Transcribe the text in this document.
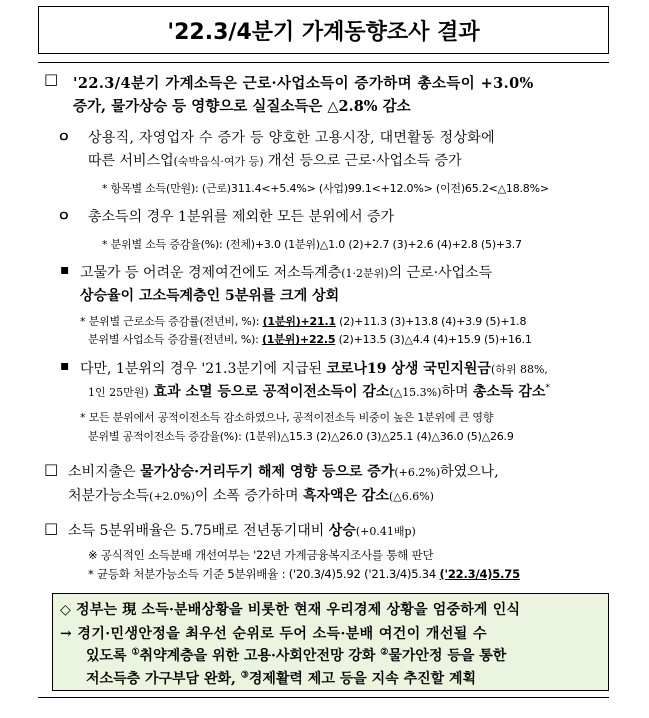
'22.3/4분기 가계동향조사 결과
□ '22.3/4분기 가계소득은 근로·사업소득이 증가하며 총소득이 +3.0%
증가, 물가상승 등 영향으로 실질소득은 △2.8% 감소
ㅇ 상용직, 자영업자 수 증가 등 양호한 고용시장, 대면활동 정상화에
따른 서비스업(숙박음식·여가 등) 개선 등으로 근로·사업소득 증가
* 항목별 소득(만원): (근로)311.4<+5.4%> (사업)99.1<+12.0%> (이전)65.2<△18.8%>
ㅇ 총소득의 경우 1분위를 제외한 모든 분위에서 증가
* 분위별 소득 증감율(%): (전체)+3.0 (1분위)△1.0 (2)+2.7 (3)+2.6 (4)+2.8 (5)+3.7
▪ 고물가 등 어려운 경제여건에도 저소득계층(1·2분위)의 근로·사업소득
상승율이 고소득계층인 5분위를 크게 상회
* 분위별 근로소득 증감률(전년비, %): (1분위)+21.1 (2)+11.3 (3)+13.8 (4)+3.9 (5)+1.8
분위별 사업소득 증감률(전년비, %): (1분위)+22.5 (2)+13.5 (3)△4.4 (4)+15.9 (5)+16.1
▪ 다만, 1분위의 경우 '21.3분기에 지급된 코로나19 상생 국민지원금(하위 88%,
1인 25만원) 효과 소멸 등으로 공적이전소득이 감소(△15.3%)하며 총소득 감소*
* 모든 분위에서 공적이전소득 감소하였으나, 공적이전소득 비중이 높은 1분위에 큰 영향
분위별 공적이전소득 증감율(%): (1분위)△15.3 (2)△26.0 (3)△25.1 (4)△36.0 (5)△26.9
□ 소비지출은 물가상승·거리두기 해제 영향 등으로 증가(+6.2%)하였으나,
처분가능소득(+2.0%)이 소폭 증가하며 흑자액은 감소(△6.6%)
□ 소득 5분위배율은 5.75배로 전년동기대비 상승(+0.41배p)
※ 공식적인 소득분배 개선여부는 '22년 가계금융복지조사를 통해 판단
* 균등화 처분가능소득 기준 5분위배율 : ('20.3/4)5.92 ('21.3/4)5.34 ('22.3/4)5.75
◇ 정부는 現 소득·분배상황을 비롯한 현재 우리경제 상황을 엄중하게 인식
→ 경기·민생안정을 최우선 순위로 두어 소득·분배 여건이 개선될 수
있도록 ①취약계층을 위한 고용·사회안전망 강화 ②물가안정 등을 통한
저소득층 가구부담 완화, ③경제활력 제고 등을 지속 추진할 계획
